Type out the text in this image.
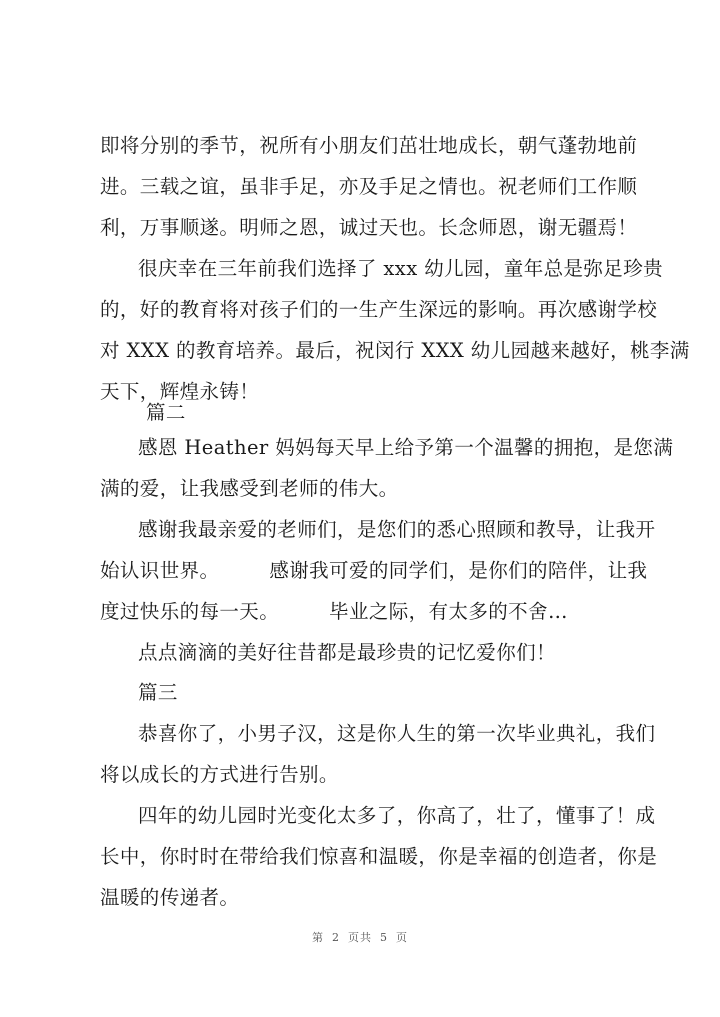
即将分别的季节，祝所有小朋友们茁壮地成长，朝气蓬勃地前
进。三载之谊，虽非手足，亦及手足之情也。祝老师们工作顺
利，万事顺遂。明师之恩，诚过天也。长念师恩，谢无疆焉！
很庆幸在三年前我们选择了 xxx 幼儿园，童年总是弥足珍贵
的，好的教育将对孩子们的一生产生深远的影响。再次感谢学校
对 XXX 的教育培养。最后，祝闵行 XXX 幼儿园越来越好，桃李满
天下，辉煌永铸！
篇二
感恩 Heather 妈妈每天早上给予第一个温馨的拥抱，是您满
满的爱，让我感受到老师的伟大。
感谢我最亲爱的老师们，是您们的悉心照顾和教导，让我开
始认识世界。　　　感谢我可爱的同学们，是你们的陪伴，让我
度过快乐的每一天。　　　毕业之际，有太多的不舍…
点点滴滴的美好往昔都是最珍贵的记忆爱你们！
篇三
恭喜你了，小男子汉，这是你人生的第一次毕业典礼，我们
将以成长的方式进行告别。
四年的幼儿园时光变化太多了，你高了，壮了，懂事了！成
长中，你时时在带给我们惊喜和温暖，你是幸福的创造者，你是
温暖的传递者。
第 2 页共 5 页
